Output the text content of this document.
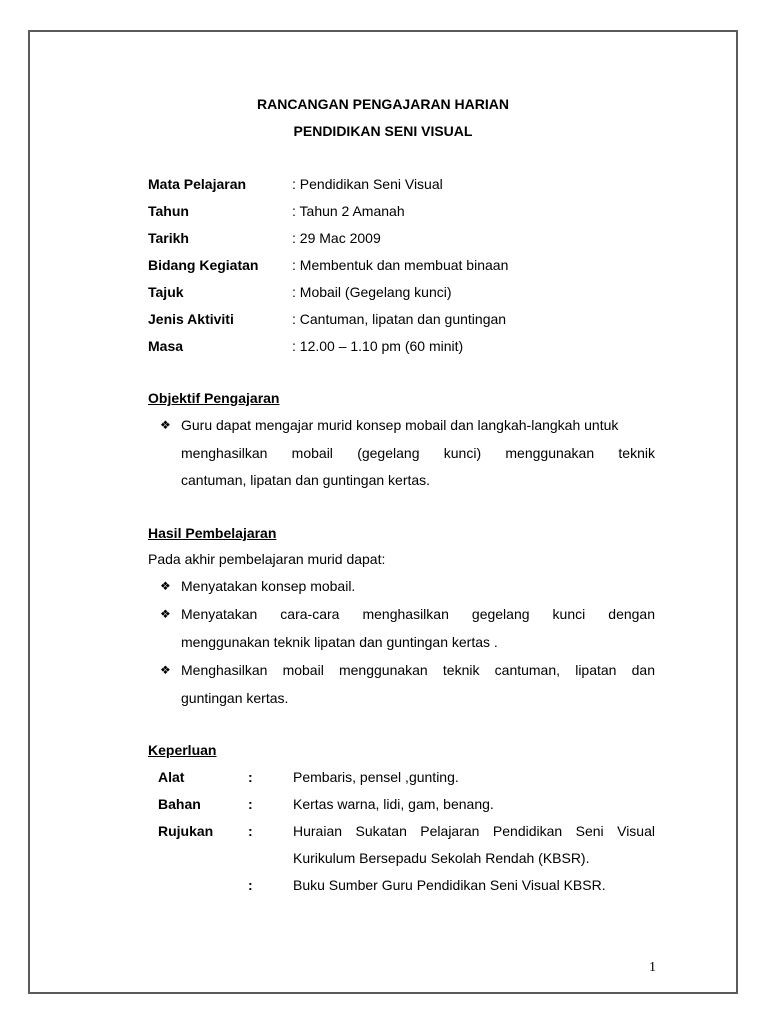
RANCANGAN PENGAJARAN HARIAN
PENDIDIKAN SENI VISUAL
Mata Pelajaran	: Pendidikan Seni Visual
Tahun	: Tahun 2 Amanah
Tarikh	: 29 Mac 2009
Bidang Kegiatan : Membentuk dan membuat binaan
Tajuk	: Mobail (Gegelang kunci)
Jenis Aktiviti	: Cantuman, lipatan dan guntingan
Masa	: 12.00 – 1.10 pm (60 minit)
Objektif Pengajaran
❖ Guru dapat mengajar murid konsep mobail dan langkah-langkah untuk
menghasilkan mobail (gegelang kunci) menggunakan teknik
cantuman, lipatan dan guntingan kertas.
Hasil Pembelajaran
Pada akhir pembelajaran murid dapat:
❖ Menyatakan konsep mobail.
❖ Menyatakan cara-cara menghasilkan gegelang kunci dengan
menggunakan teknik lipatan dan guntingan kertas .
❖ Menghasilkan mobail menggunakan teknik cantuman, lipatan dan
guntingan kertas.
Keperluan
Alat	:	Pembaris, pensel ,gunting.
Bahan	:	Kertas warna, lidi, gam, benang.
Rujukan :	Huraian Sukatan Pelajaran Pendidikan Seni Visual
Kurikulum Bersepadu Sekolah Rendah (KBSR).
:	Buku Sumber Guru Pendidikan Seni Visual KBSR.
1
